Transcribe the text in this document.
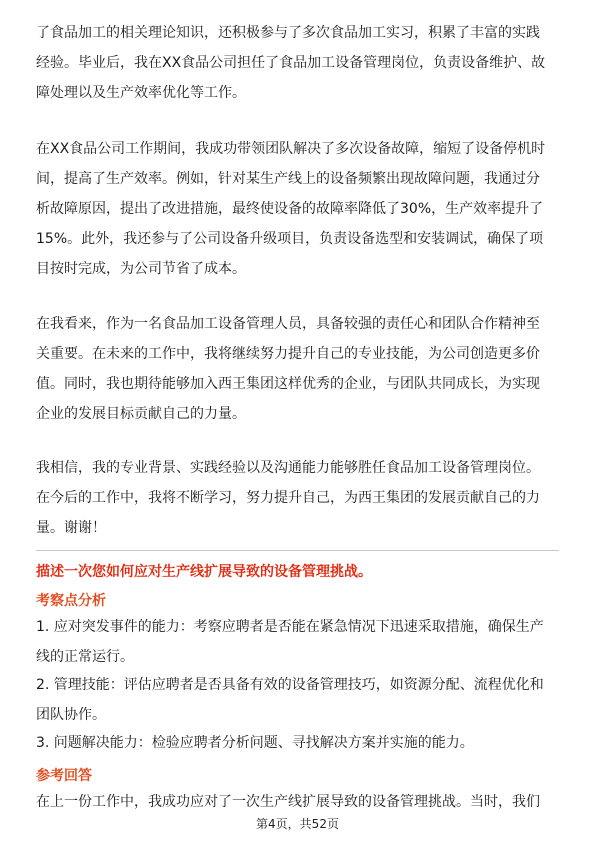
了食品加工的相关理论知识，还积极参与了多次食品加工实习，积累了丰富的实践
经验。毕业后，我在XX食品公司担任了食品加工设备管理岗位，负责设备维护、故
障处理以及生产效率优化等工作。
在XX食品公司工作期间，我成功带领团队解决了多次设备故障，缩短了设备停机时
间，提高了生产效率。例如，针对某生产线上的设备频繁出现故障问题，我通过分
析故障原因，提出了改进措施，最终使设备的故障率降低了30%，生产效率提升了
15%。此外，我还参与了公司设备升级项目，负责设备选型和安装调试，确保了项
目按时完成，为公司节省了成本。
在我看来，作为一名食品加工设备管理人员，具备较强的责任心和团队合作精神至
关重要。在未来的工作中，我将继续努力提升自己的专业技能，为公司创造更多价
值。同时，我也期待能够加入西王集团这样优秀的企业，与团队共同成长，为实现
企业的发展目标贡献自己的力量。
我相信，我的专业背景、实践经验以及沟通能力能够胜任食品加工设备管理岗位。
在今后的工作中，我将不断学习，努力提升自己，为西王集团的发展贡献自己的力
量。谢谢！
描述一次您如何应对生产线扩展导致的设备管理挑战。
考察点分析
1. 应对突发事件的能力：考察应聘者是否能在紧急情况下迅速采取措施，确保生产
线的正常运行。
2. 管理技能：评估应聘者是否具备有效的设备管理技巧，如资源分配、流程优化和
团队协作。
3. 问题解决能力：检验应聘者分析问题、寻找解决方案并实施的能力。
参考回答
在上一份工作中，我成功应对了一次生产线扩展导致的设备管理挑战。当时，我们
第4页，共52页
